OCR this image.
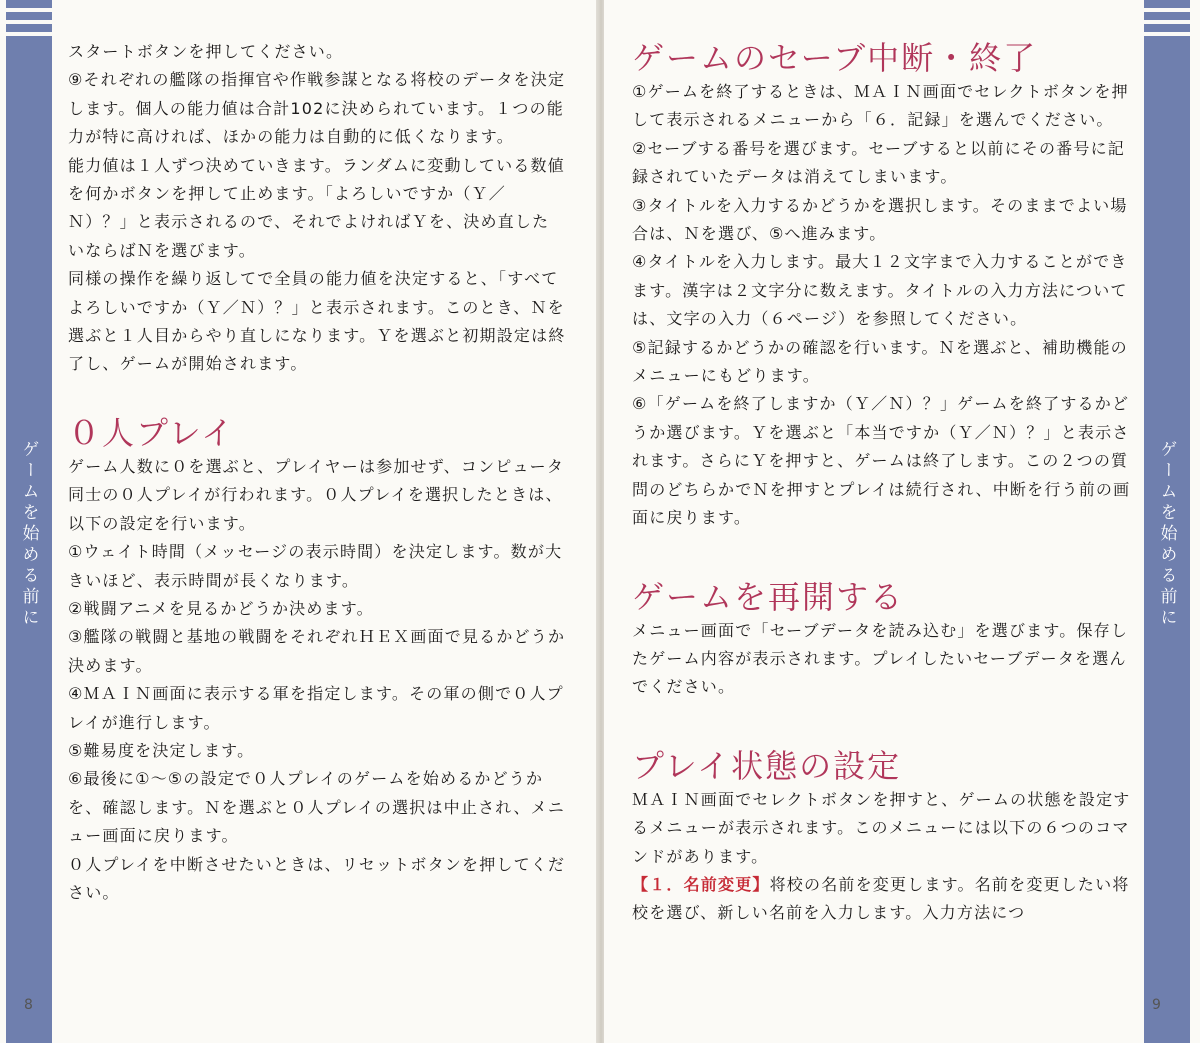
ゲームを始める前に

スタートボタンを押してください。

⑨それぞれの艦隊の指揮官や作戦参謀となる将校のデータを決定します。個人の能力値は合計102に決められています。１つの能力が特に高ければ、ほかの能力は自動的に低くなります。

能力値は１人ずつ決めていきます。ランダムに変動している数値を何かボタンを押して止めます。「よろしいですか（Ｙ／Ｎ）？」と表示されるので、それでよければＹを、決め直したいならばＮを選びます。

同様の操作を繰り返してで全員の能力値を決定すると、「すべてよろしいですか（Ｙ／Ｎ）？」と表示されます。このとき、Ｎを選ぶと１人目からやり直しになります。Ｙを選ぶと初期設定は終了し、ゲームが開始されます。

０人プレイ

ゲーム人数に０を選ぶと、プレイヤーは参加せず、コンピュータ同士の０人プレイが行われます。０人プレイを選択したときは、以下の設定を行います。

①ウェイト時間（メッセージの表示時間）を決定します。数が大きいほど、表示時間が長くなります。

②戦闘アニメを見るかどうか決めます。

③艦隊の戦闘と基地の戦闘をそれぞれＨＥＸ画面で見るかどうか決めます。

④ＭＡＩＮ画面に表示する軍を指定します。その軍の側で０人プレイが進行します。

⑤難易度を決定します。

⑥最後に①～⑤の設定で０人プレイのゲームを始めるかどうかを、確認します。Ｎを選ぶと０人プレイの選択は中止され、メニュー画面に戻ります。

０人プレイを中断させたいときは、リセットボタンを押してください。

8
ゲームを始める前に
ゲームのセーブ中断・終了

①ゲームを終了するときは、ＭＡＩＮ画面でセレクトボタンを押して表示されるメニューから「６．記録」を選んでください。

②セーブする番号を選びます。セーブすると以前にその番号に記録されていたデータは消えてしまいます。

③タイトルを入力するかどうかを選択します。そのままでよい場合は、Ｎを選び、⑤へ進みます。

④タイトルを入力します。最大１２文字まで入力することができます。漢字は２文字分に数えます。タイトルの入力方法については、文字の入力（６ページ）を参照してください。

⑤記録するかどうかの確認を行います。Ｎを選ぶと、補助機能のメニューにもどります。

⑥「ゲームを終了しますか（Ｙ／Ｎ）？」ゲームを終了するかどうか選びます。Ｙを選ぶと「本当ですか（Ｙ／Ｎ）？」と表示されます。さらにＹを押すと、ゲームは終了します。この２つの質問のどちらかでＮを押すとプレイは続行され、中断を行う前の画面に戻ります。

ゲームを再開する

メニュー画面で「セーブデータを読み込む」を選びます。保存したゲーム内容が表示されます。プレイしたいセーブデータを選んでください。

プレイ状態の設定

ＭＡＩＮ画面でセレクトボタンを押すと、ゲームの状態を設定するメニューが表示されます。このメニューには以下の６つのコマンドがあります。

【１．名前変更】将校の名前を変更します。名前を変更したい将校を選び、新しい名前を入力します。入力方法につ

9
